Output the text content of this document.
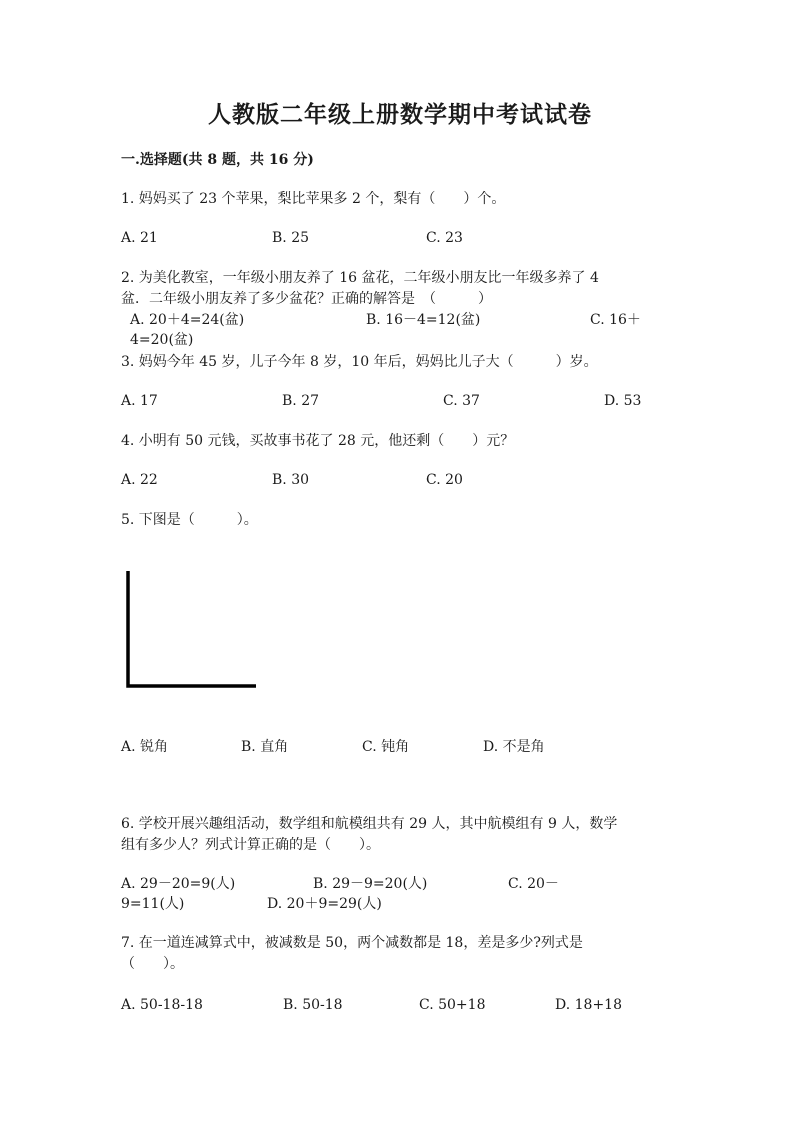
人教版二年级上册数学期中考试试卷
一.选择题(共 8 题，共 16 分)
1. 妈妈买了 23 个苹果，梨比苹果多 2 个，梨有（　　）个。
A. 21	B. 25	C. 23
2. 为美化教室，一年级小朋友养了 16 盆花，二年级小朋友比一年级多养了 4
盆．二年级小朋友养了多少盆花？正确的解答是　（　　　）
A. 20＋4=24(盆)	B. 16－4=12(盆)	C. 16＋
4=20(盆)
3. 妈妈今年 45 岁，儿子今年 8 岁，10 年后，妈妈比儿子大（　　　）岁。
A. 17	B. 27	C. 37	D. 53
4. 小明有 50 元钱，买故事书花了 28 元，他还剩（　　）元？
A. 22	B. 30	C. 20
5. 下图是（　　　）。
A. 锐角	B. 直角	C. 钝角	D. 不是角
6. 学校开展兴趣组活动，数学组和航模组共有 29 人，其中航模组有 9 人，数学
组有多少人？列式计算正确的是（　　）。
A. 29－20=9(人)	B. 29－9=20(人)	C. 20－
9=11(人)	D. 20＋9=29(人)
7. 在一道连减算式中，被减数是 50，两个减数都是 18，差是多少?列式是
（　　）。
A. 50-18-18	B. 50-18	C. 50+18	D. 18+18
